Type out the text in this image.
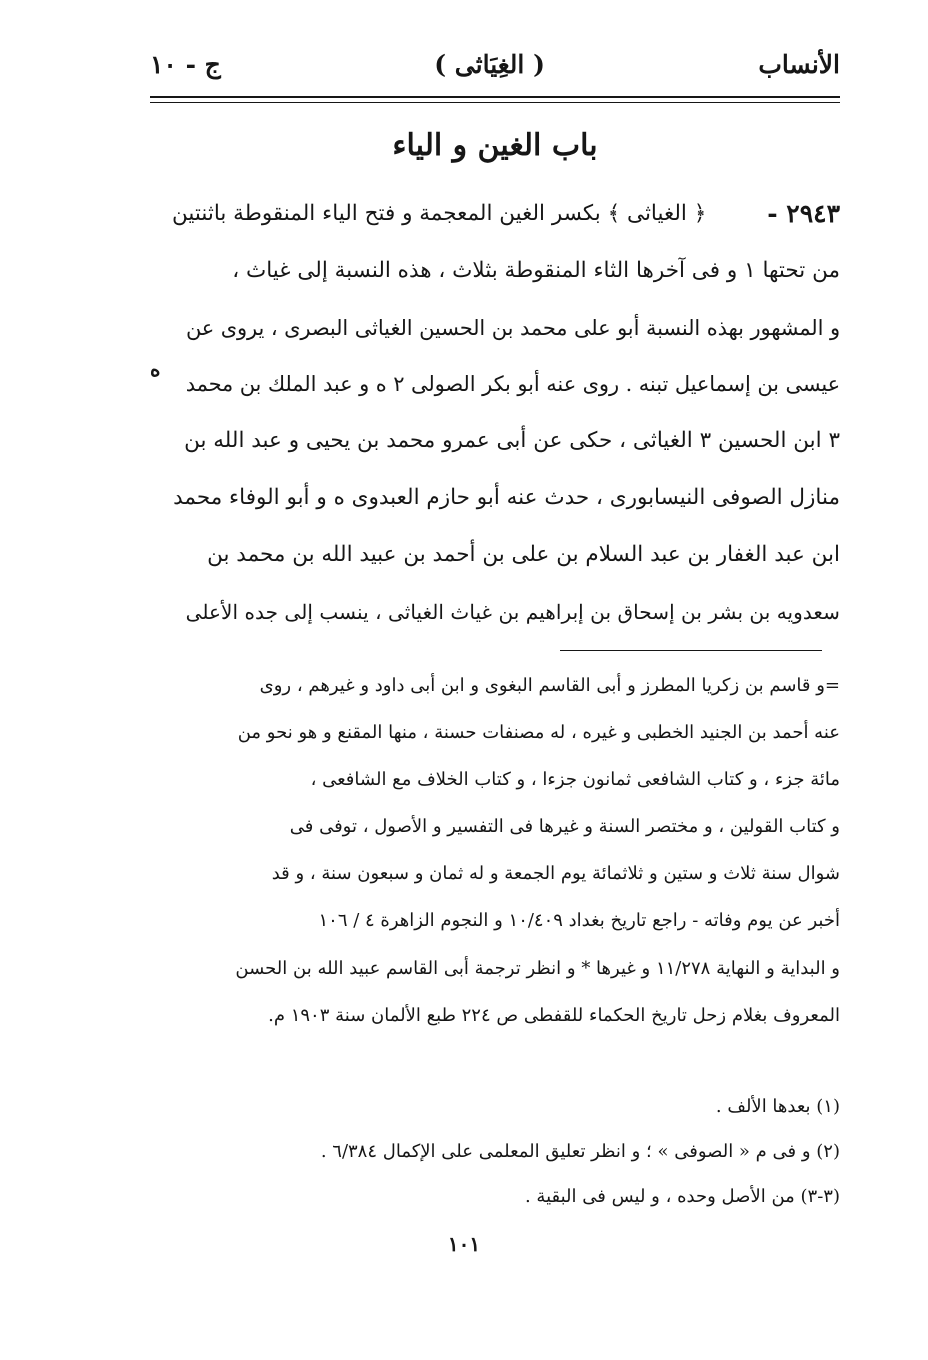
الأنساب
( الغِيَاثى )
ج - ١٠
باب الغين و الياء
٢٩٤٣ -
﴿ الغياثى ﴾ بكسر الغين المعجمة و فتح الياء المنقوطة باثنتين
من تحتها ١ و فى آخرها الثاء المنقوطة بثلاث ، هذه النسبة إلى غياث ،
و المشهور بهذه النسبة أبو على محمد بن الحسين الغياثى البصرى ، يروى عن
عيسى بن إسماعيل تبنه . روى عنه أبو بكر الصولى ٢ ه و عبد الملك بن محمد
٣ ابن الحسين ٣ الغياثى ، حكى عن أبى عمرو محمد بن يحيى و عبد الله بن
منازل الصوفى النيسابورى ، حدث عنه أبو حازم العبدوى ه و أبو الوفاء محمد
ابن عبد الغفار بن عبد السلام بن على بن أحمد بن عبيد الله بن محمد بن
سعدويه بن بشر بن إسحاق بن إبراهيم بن غياث الغياثى ، ينسب إلى جده الأعلى
ه
=و قاسم بن زكريا المطرز و أبى القاسم البغوى و ابن أبى داود و غيرهم ، روى
عنه أحمد بن الجنيد الخطبى و غيره ، له مصنفات حسنة ، منها المقنع و هو نحو من
مائة جزء ، و كتاب الشافعى ثمانون جزءا ، و كتاب الخلاف مع الشافعى ،
و كتاب القولين ، و مختصر السنة و غيرها فى التفسير و الأصول ، توفى فى
شوال سنة ثلاث و ستين و ثلاثمائة يوم الجمعة و له ثمان و سبعون سنة ، و قد
أخبر عن يوم وفاته - راجع تاريخ بغداد ١٠/٤٠٩ و النجوم الزاهرة ٤ / ١٠٦
و البداية و النهاية ١١/٢٧٨ و غيرها * و انظر ترجمة أبى القاسم عبيد الله بن الحسن
المعروف بغلام زحل تاريخ الحكماء للقفطى ص ٢٢٤ طبع الألمان سنة ١٩٠٣ م.
(١) بعدها الألف .
(٢) و فى م « الصوفى » ؛ و انظر تعليق المعلمى على الإكمال ٦/٣٨٤ .
(٣-٣) من الأصل وحده ، و ليس فى البقية .
١٠١
